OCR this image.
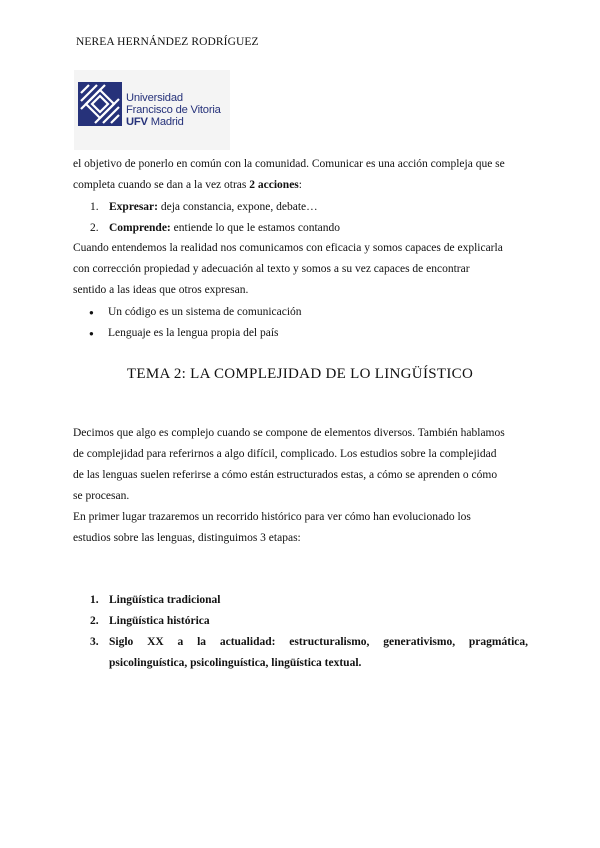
NEREA HERNÁNDEZ RODRÍGUEZ
Universidad
Francisco de Vitoria
UFV Madrid
el objetivo de ponerlo en común con la comunidad. Comunicar es una acción compleja que se
completa cuando se dan a la vez otras 2 acciones:
1. Expresar: deja constancia, expone, debate…
2. Comprende: entiende lo que le estamos contando
Cuando entendemos la realidad nos comunicamos con eficacia y somos capaces de explicarla
con corrección propiedad y adecuación al texto y somos a su vez capaces de encontrar
sentido a las ideas que otros expresan.
● Un código es un sistema de comunicación
● Lenguaje es la lengua propia del país
TEMA 2: LA COMPLEJIDAD DE LO LINGÜÍSTICO
Decimos que algo es complejo cuando se compone de elementos diversos. También hablamos
de complejidad para referirnos a algo difícil, complicado. Los estudios sobre la complejidad
de las lenguas suelen referirse a cómo están estructurados estas, a cómo se aprenden o cómo
se procesan.
En primer lugar trazaremos un recorrido histórico para ver cómo han evolucionado los
estudios sobre las lenguas, distinguimos 3 etapas:
1. Lingüística tradicional
2. Lingüística histórica
3. Siglo XX a la actualidad: estructuralismo, generativismo, pragmática,
psicolinguística, psicolinguística, lingüística textual.
